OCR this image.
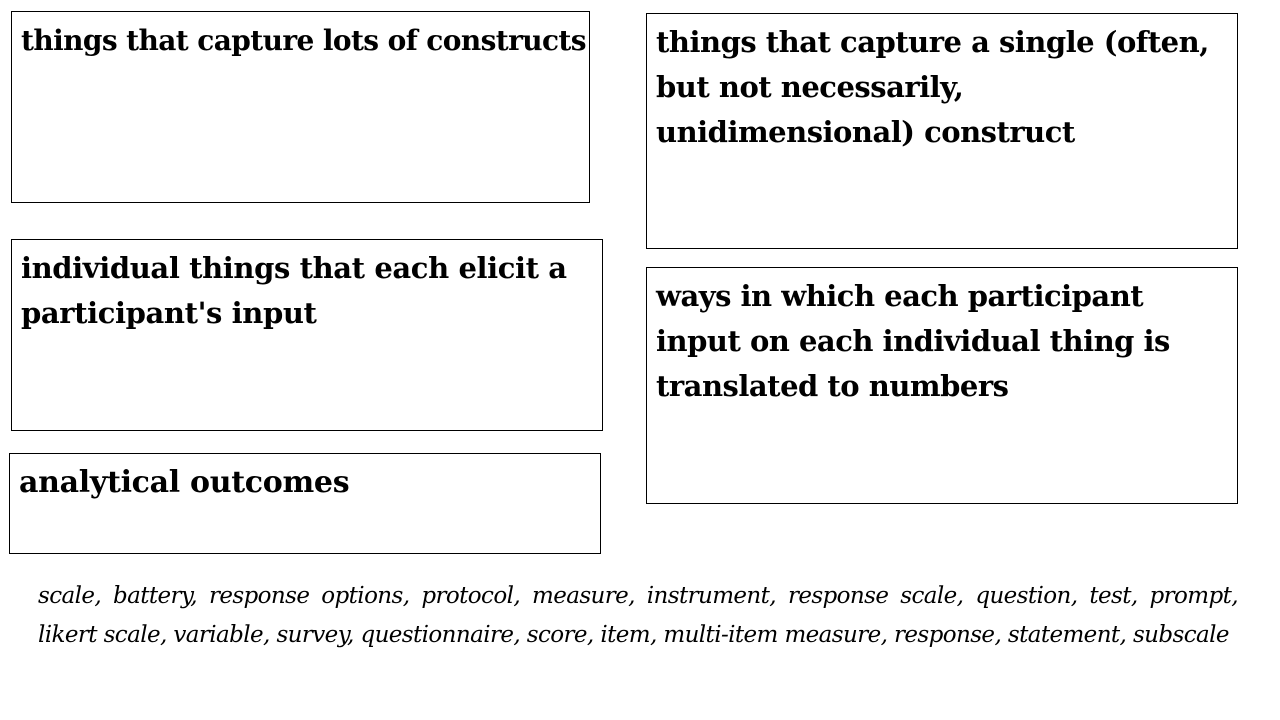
things that capture lots of constructs things that capture a single (often, but not necessarily, unidimensional) construct
individual things that each elicit a participant's input	ways in which each participant input on each individual thing is translated to numbers
analytical outcomes

scale, battery, response options, protocol, measure, instrument, response scale, question, test, prompt, likert scale, variable, survey, questionnaire, score, item, multi-item measure, response, statement, subscale
